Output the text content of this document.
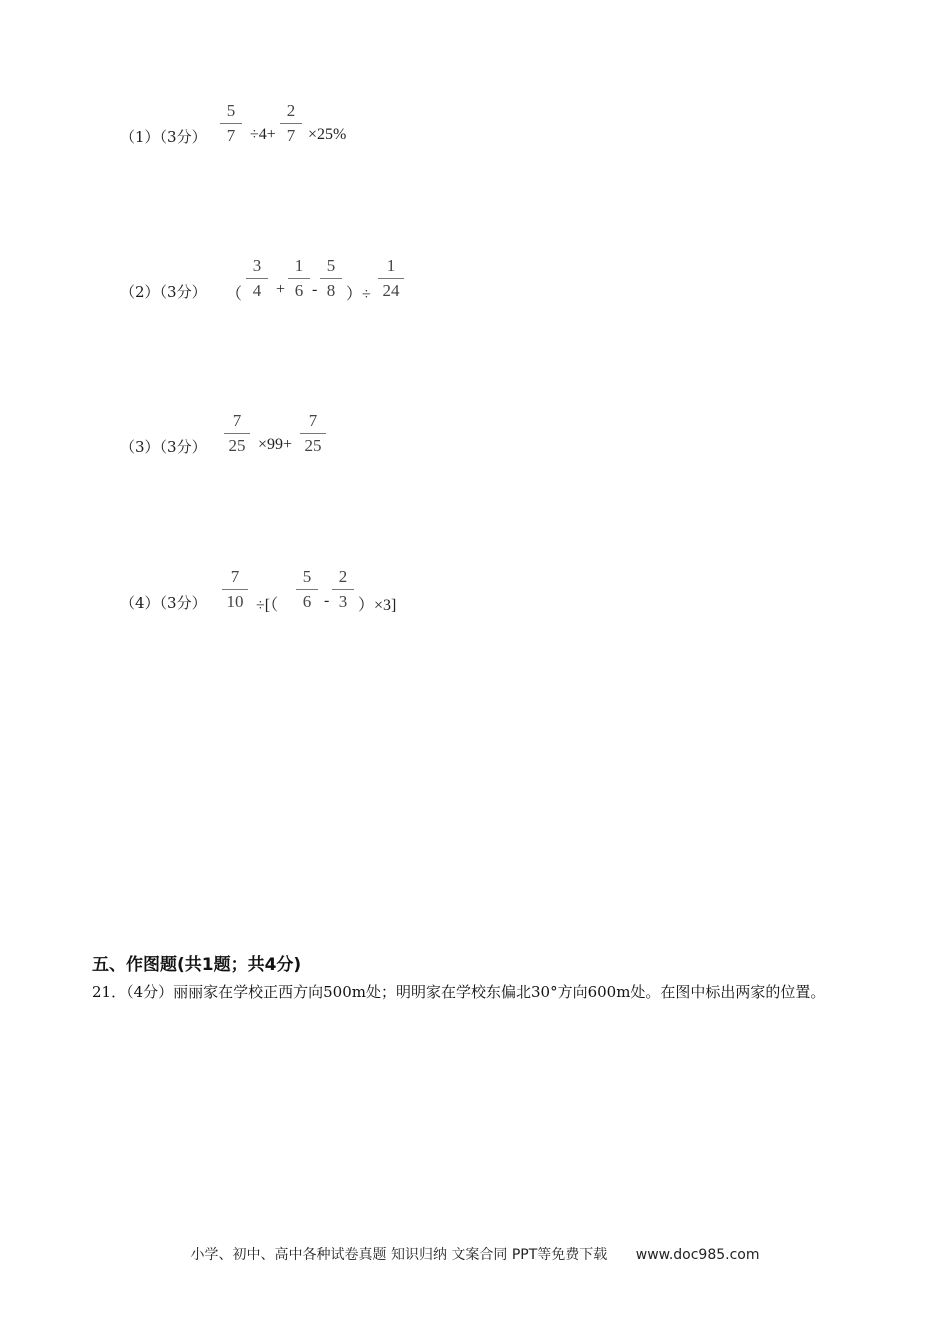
（1）（3分）
5
7 ÷4+
2
7 ×25%
（2）（3分） （
3
4 +
1
6 -
5
8 ）÷
1
24
（3）（3分）
7
25 ×99+
7
25
（4）（3分）
7
10 ÷[（
5
6 -
2
3 ）×3]
五、作图题(共1题；共4分)
21．（4分）丽丽家在学校正西方向500m处；明明家在学校东偏北30°方向600m处。在图中标出两家的位置。
小学、初中、高中各种试卷真题 知识归纳 文案合同 PPT等免费下载 www.doc985.com
